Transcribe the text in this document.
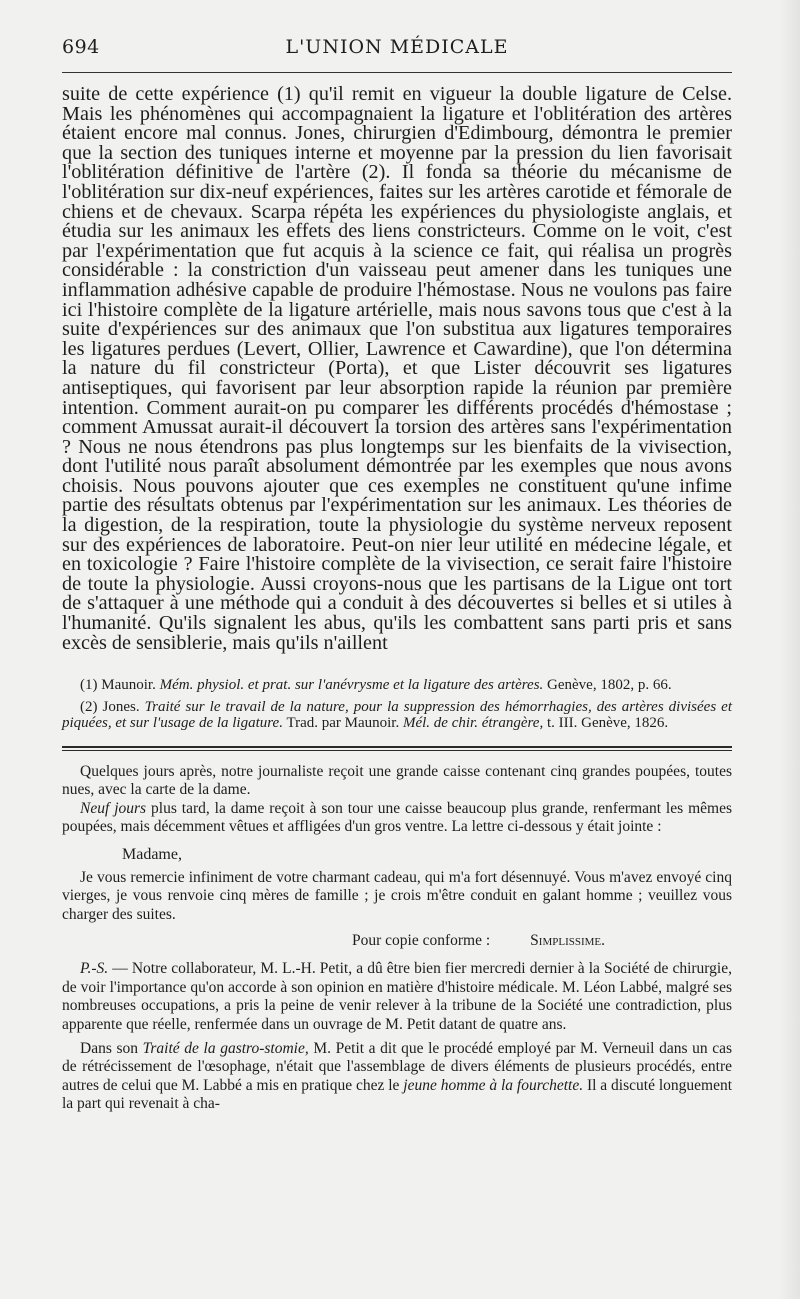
694	L'UNION MÉDICALE

suite de cette expérience (1) qu'il remit en vigueur la double ligature de Celse. Mais les phénomènes qui accompagnaient la ligature et l'oblitération des artères étaient encore mal connus. Jones, chirurgien d'Edimbourg, démontra le premier que la section des tuniques interne et moyenne par la pression du lien favorisait l'oblitération définitive de l'artère (2). Il fonda sa théorie du mécanisme de l'oblitération sur dix-neuf expériences, faites sur les artères carotide et fémorale de chiens et de chevaux. Scarpa répéta les expériences du physiologiste anglais, et étudia sur les animaux les effets des liens constricteurs. Comme on le voit, c'est par l'expérimentation que fut acquis à la science ce fait, qui réalisa un progrès considérable : la constriction d'un vaisseau peut amener dans les tuniques une inflammation adhésive capable de produire l'hémostase. Nous ne voulons pas faire ici l'histoire complète de la ligature artérielle, mais nous savons tous que c'est à la suite d'expériences sur des animaux que l'on substitua aux ligatures temporaires les ligatures perdues (Levert, Ollier, Lawrence et Cawardine), que l'on détermina la nature du fil constricteur (Porta), et que Lister découvrit ses ligatures antiseptiques, qui favorisent par leur absorption rapide la réunion par première intention. Comment aurait-on pu comparer les différents procédés d'hémostase ; comment Amussat aurait-il découvert la torsion des artères sans l'expérimentation ? Nous ne nous étendrons pas plus longtemps sur les bienfaits de la vivisection, dont l'utilité nous paraît absolument démontrée par les exemples que nous avons choisis. Nous pouvons ajouter que ces exemples ne constituent qu'une infime partie des résultats obtenus par l'expérimentation sur les animaux. Les théories de la digestion, de la respiration, toute la physiologie du système nerveux reposent sur des expériences de laboratoire. Peut-on nier leur utilité en médecine légale, et en toxicologie ? Faire l'histoire complète de la vivisection, ce serait faire l'histoire de toute la physiologie. Aussi croyons-nous que les partisans de la Ligue ont tort de s'attaquer à une méthode qui a conduit à des découvertes si belles et si utiles à l'humanité. Qu'ils signalent les abus, qu'ils les combattent sans parti pris et sans excès de sensiblerie, mais qu'ils n'aillent

(1) Maunoir. Mém. physiol. et prat. sur l'anévrysme et la ligature des artères. Genève, 1802, p. 66.

(2) Jones. Traité sur le travail de la nature, pour la suppression des hémorrhagies, des artères divisées et piquées, et sur l'usage de la ligature. Trad. par Maunoir. Mél. de chir. étrangère, t. III. Genève, 1826.

Quelques jours après, notre journaliste reçoit une grande caisse contenant cinq grandes poupées, toutes nues, avec la carte de la dame.

Neuf jours plus tard, la dame reçoit à son tour une caisse beaucoup plus grande, renfermant les mêmes poupées, mais décemment vêtues et affligées d'un gros ventre. La lettre ci-dessous y était jointe :

Madame,

Je vous remercie infiniment de votre charmant cadeau, qui m'a fort désennuyé. Vous m'avez envoyé cinq vierges, je vous renvoie cinq mères de famille ; je crois m'être conduit en galant homme ; veuillez vous charger des suites.

Pour copie conforme :	Simplissime.

P.-S. — Notre collaborateur, M. L.-H. Petit, a dû être bien fier mercredi dernier à la Société de chirurgie, de voir l'importance qu'on accorde à son opinion en matière d'histoire médicale. M. Léon Labbé, malgré ses nombreuses occupations, a pris la peine de venir relever à la tribune de la Société une contradiction, plus apparente que réelle, renfermée dans un ouvrage de M. Petit datant de quatre ans.

Dans son Traité de la gastro-stomie, M. Petit a dit que le procédé employé par M. Verneuil dans un cas de rétrécissement de l'œsophage, n'était que l'assemblage de divers éléments de plusieurs procédés, entre autres de celui que M. Labbé a mis en pratique chez le jeune homme à la fourchette. Il a discuté longuement la part qui revenait à cha-
